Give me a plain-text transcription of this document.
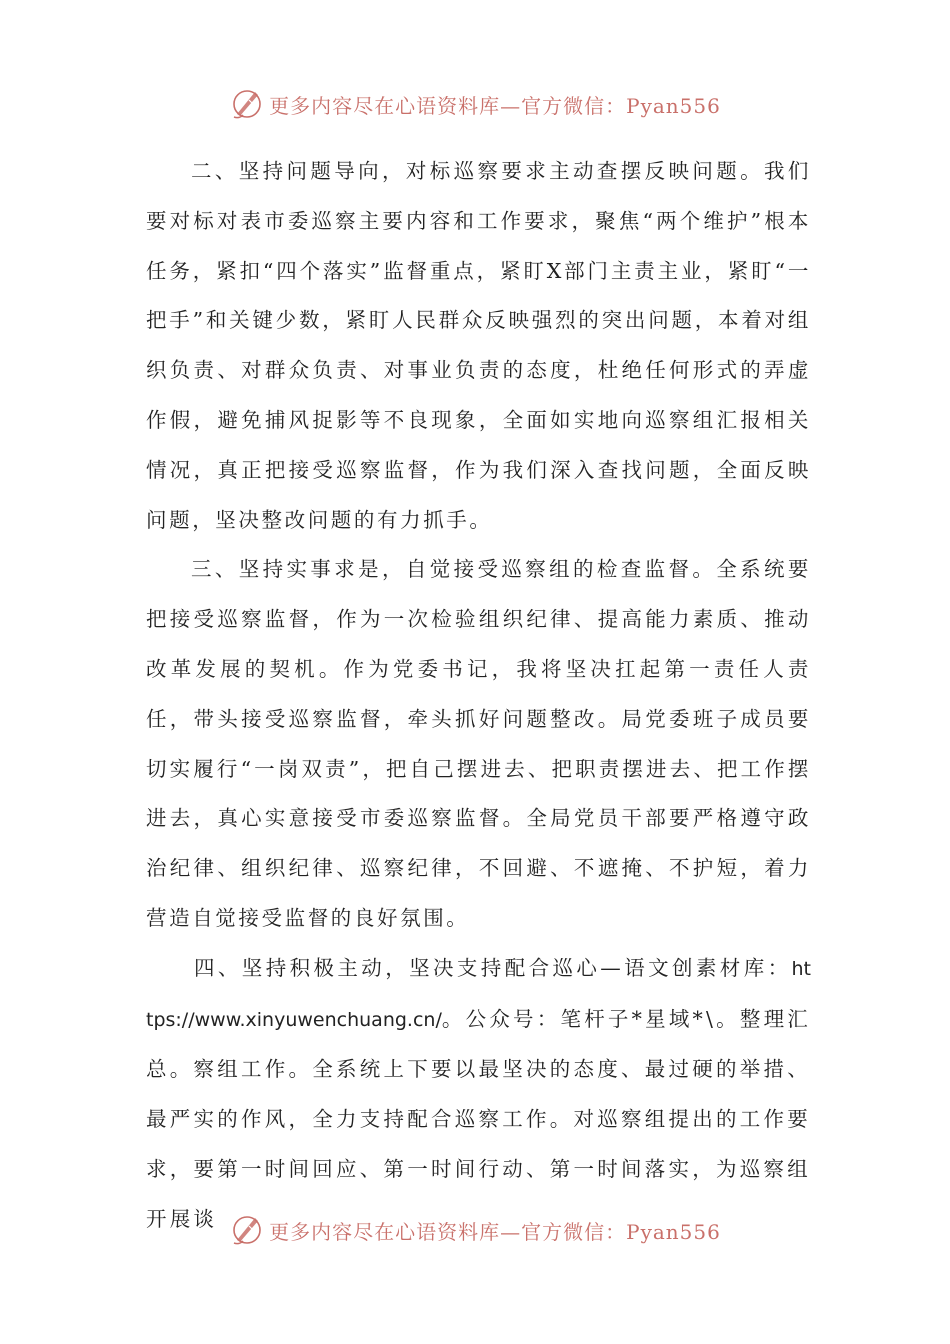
更多内容尽在心语资料库—官方微信：Pyan556

二、坚持问题导向，对标巡察要求主动查摆反映问题。我们要对标对表市委巡察主要内容和工作要求，聚焦“两个维护”根本任务，紧扣“四个落实”监督重点，紧盯X部门主责主业，紧盯“一把手”和关键少数，紧盯人民群众反映强烈的突出问题，本着对组织负责、对群众负责、对事业负责的态度，杜绝任何形式的弄虚作假，避免捕风捉影等不良现象，全面如实地向巡察组汇报相关情况，真正把接受巡察监督，作为我们深入查找问题，全面反映问题，坚决整改问题的有力抓手。

三、坚持实事求是，自觉接受巡察组的检查监督。全系统要把接受巡察监督，作为一次检验组织纪律、提高能力素质、推动改革发展的契机。作为党委书记，我将坚决扛起第一责任人责任，带头接受巡察监督，牵头抓好问题整改。局党委班子成员要切实履行“一岗双责”，把自己摆进去、把职责摆进去、把工作摆进去，真心实意接受市委巡察监督。全局党员干部要严格遵守政治纪律、组织纪律、巡察纪律，不回避、不遮掩、不护短，着力营造自觉接受监督的良好氛围。

四、坚持积极主动，坚决支持配合巡心—语文创素材库：https://www.xinyuwenchuang.cn/。公众号：笔杆子*星域*\。整理汇总。察组工作。全系统上下要以最坚决的态度、最过硬的举措、最严实的作风，全力支持配合巡察工作。对巡察组提出的工作要求，要第一时间回应、第一时间行动、第一时间落实，为巡察组开展谈

更多内容尽在心语资料库—官方微信：Pyan556
